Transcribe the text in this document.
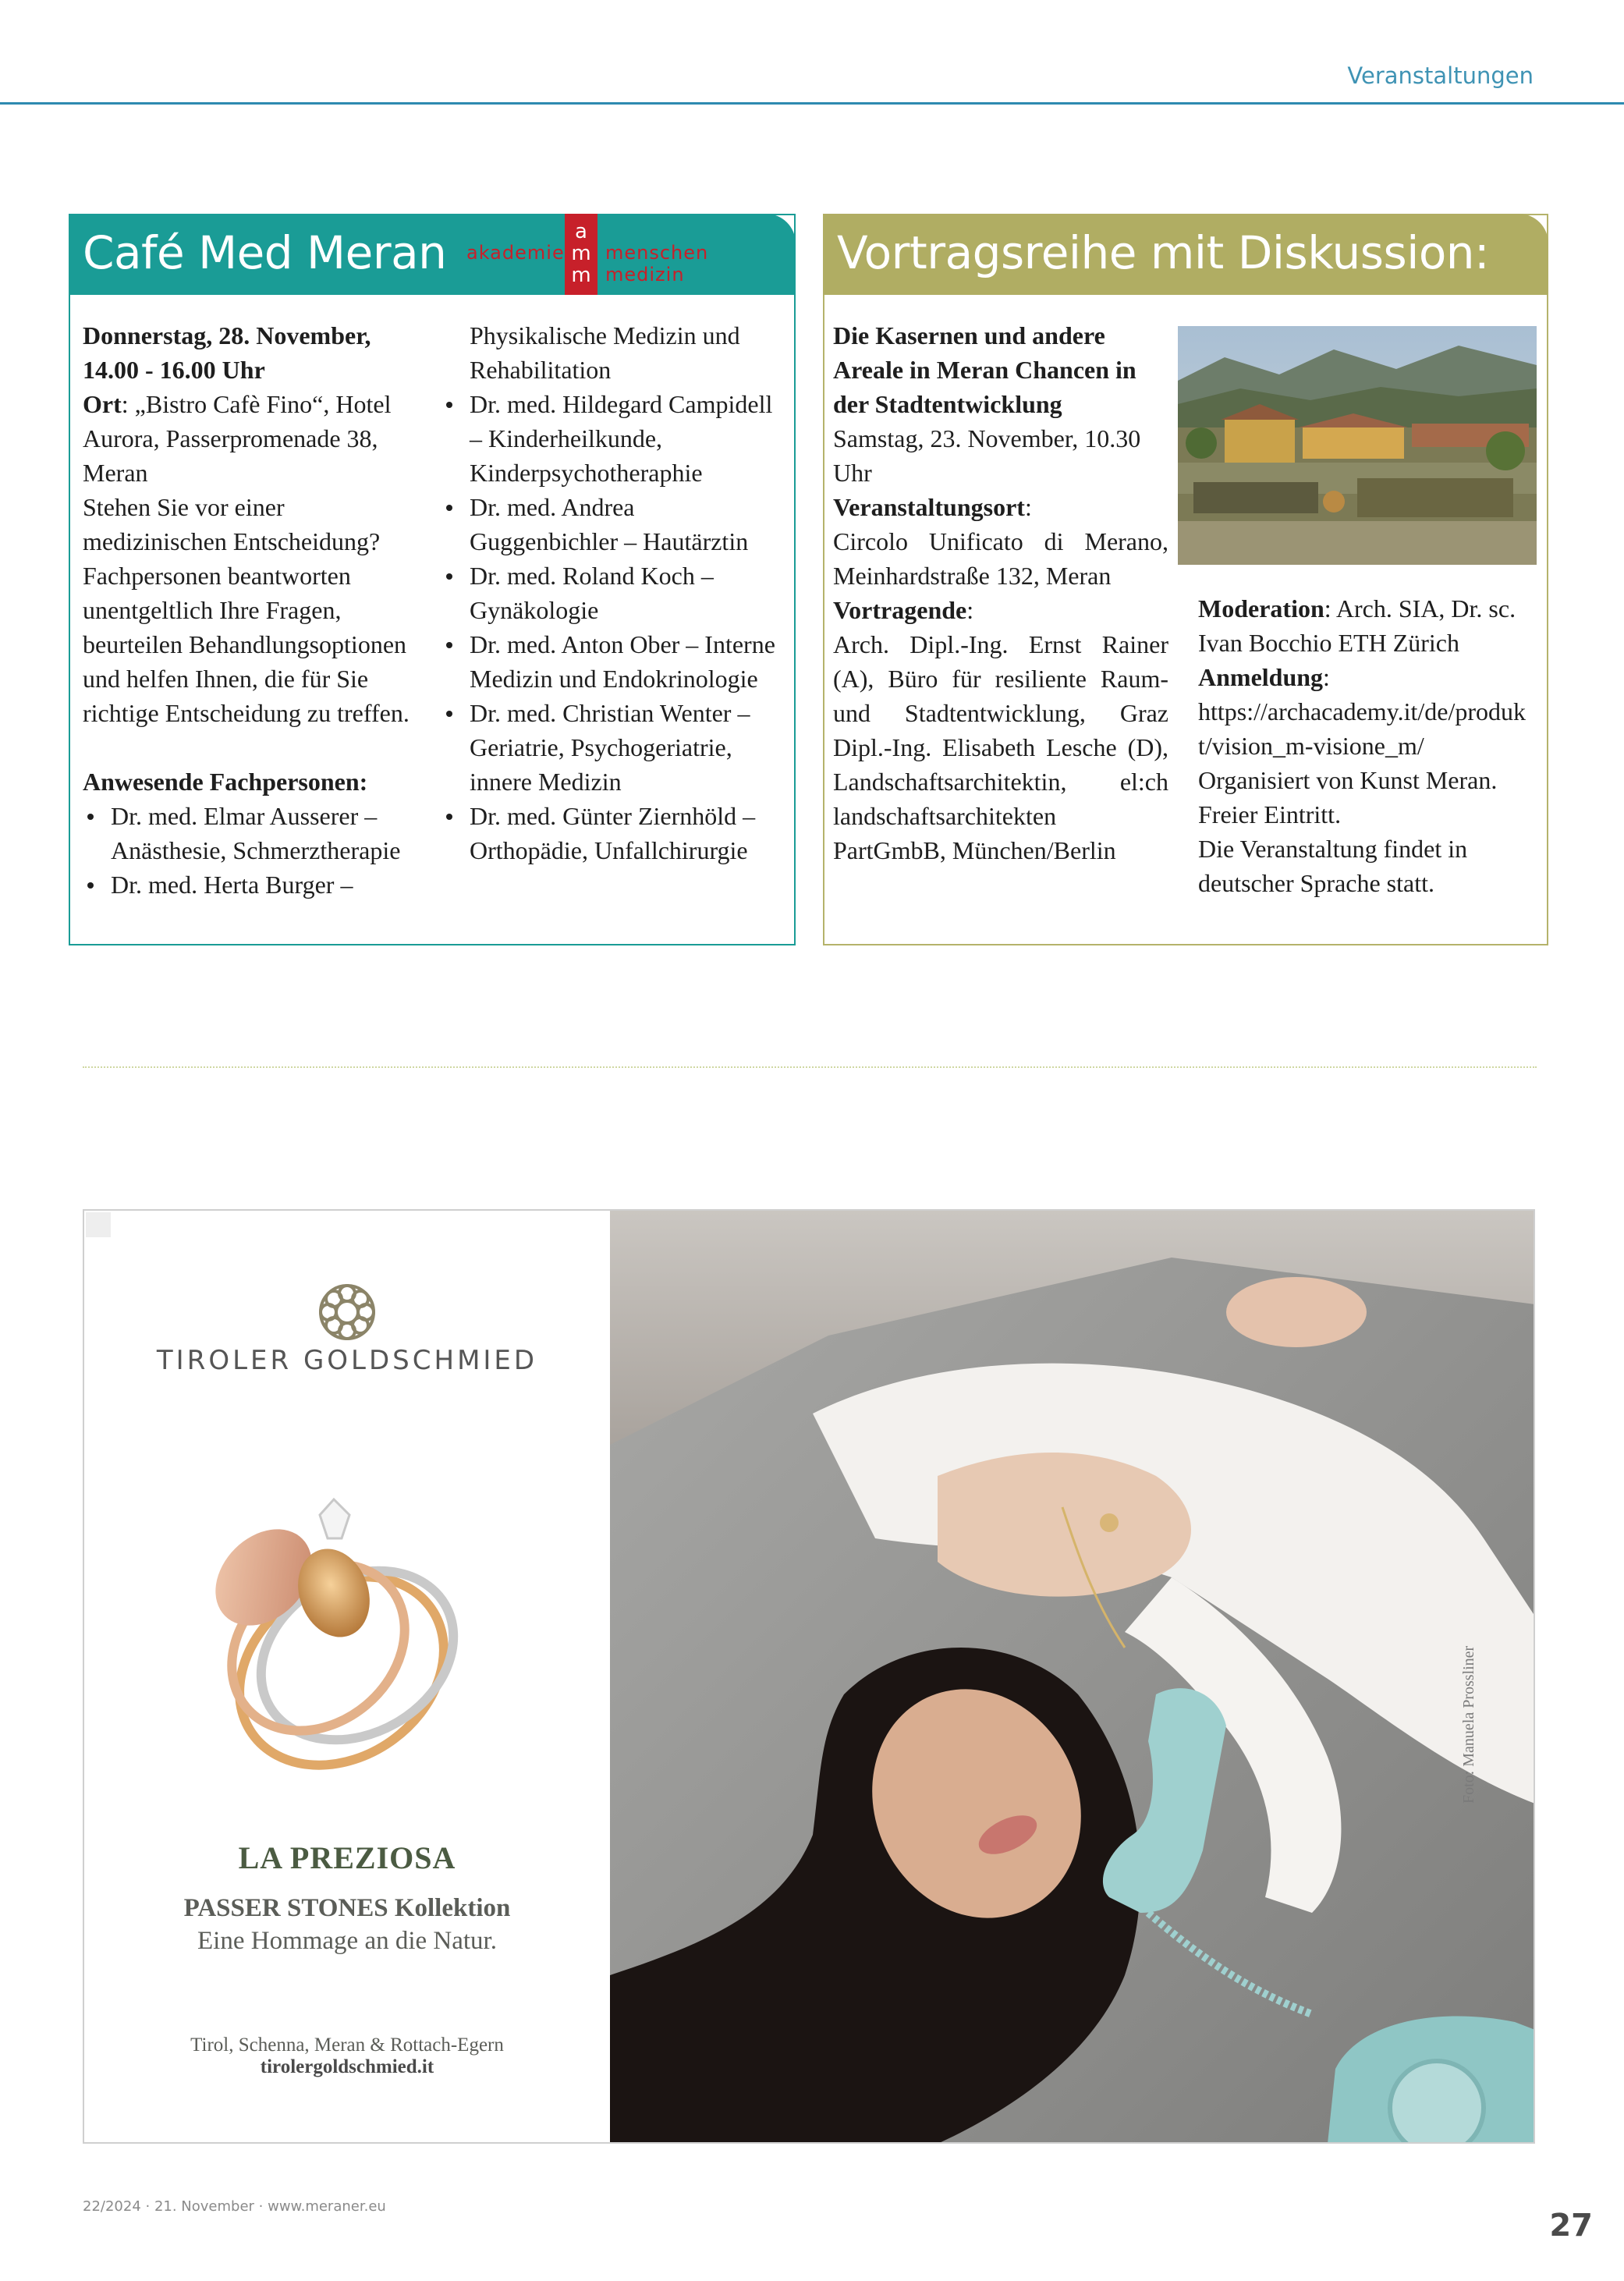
Veranstaltungen
Café Med Meran akademie
a
m
m
menschen
medizin

Donnerstag, 28. November,

14.00 - 16.00 Uhr

Ort: „Bistro Cafè Fino“, Hotel Aurora, Passerpromenade 38, Meran

Stehen Sie vor einer medizinischen Entscheidung? Fachpersonen beantworten unentgeltlich Ihre Fragen, beurteilen Behandlungsoptionen und helfen Ihnen, die für Sie richtige Entscheidung zu treffen.

Anwesende Fachpersonen:

Dr. med. Elmar Ausserer – Anästhesie, Schmerztherapie
Dr. med. Herta Burger –

Physikalische Medizin und Rehabilitation

Dr. med. Hildegard Campidell – Kinderheilkunde, Kinderpsychotheraphie
Dr. med. Andrea Guggenbichler – Hautärztin
Dr. med. Roland Koch – Gynäkologie
Dr. med. Anton Ober – Interne Medizin und Endokrinologie
Dr. med. Christian Wenter – Geriatrie, Psychogeriatrie, innere Medizin
Dr. med. Günter Ziernhöld – Orthopädie, Unfallchirurgie
Vortragsreihe mit Diskussion:

Die Kasernen und andere Areale in Meran Chancen in der Stadtentwicklung

Samstag, 23. November, 10.30 Uhr

Veranstaltungsort:

Circolo Unificato di Merano, Meinhardstraße 132, Meran

Vortragende:

Arch. Dipl.-Ing. Ernst Rainer (A), Büro für resiliente Raum- und Stadtentwicklung, Graz Dipl.-Ing. Elisabeth Lesche (D), Landschaftsarchitektin, el:ch landschaftsarchitekten PartGmbB, München/Berlin

Moderation: Arch. SIA, Dr. sc. Ivan Bocchio ETH Zürich

Anmeldung:

https://archacademy.it/de/produkt/vision_m-visione_m/

Organisiert von Kunst Meran.

Freier Eintritt.

Die Veranstaltung findet in deutscher Sprache statt.

TIROLER GOLDSCHMIED
LA PREZIOSA
PASSER STONES Kollektion
Eine Hommage an die Natur.
Tirol, Schenna, Meran & Rottach-Egern
tirolergoldschmied.it
Foto: Manuela Prossliner
22/2024 · 21. November · www.meraner.eu
27
